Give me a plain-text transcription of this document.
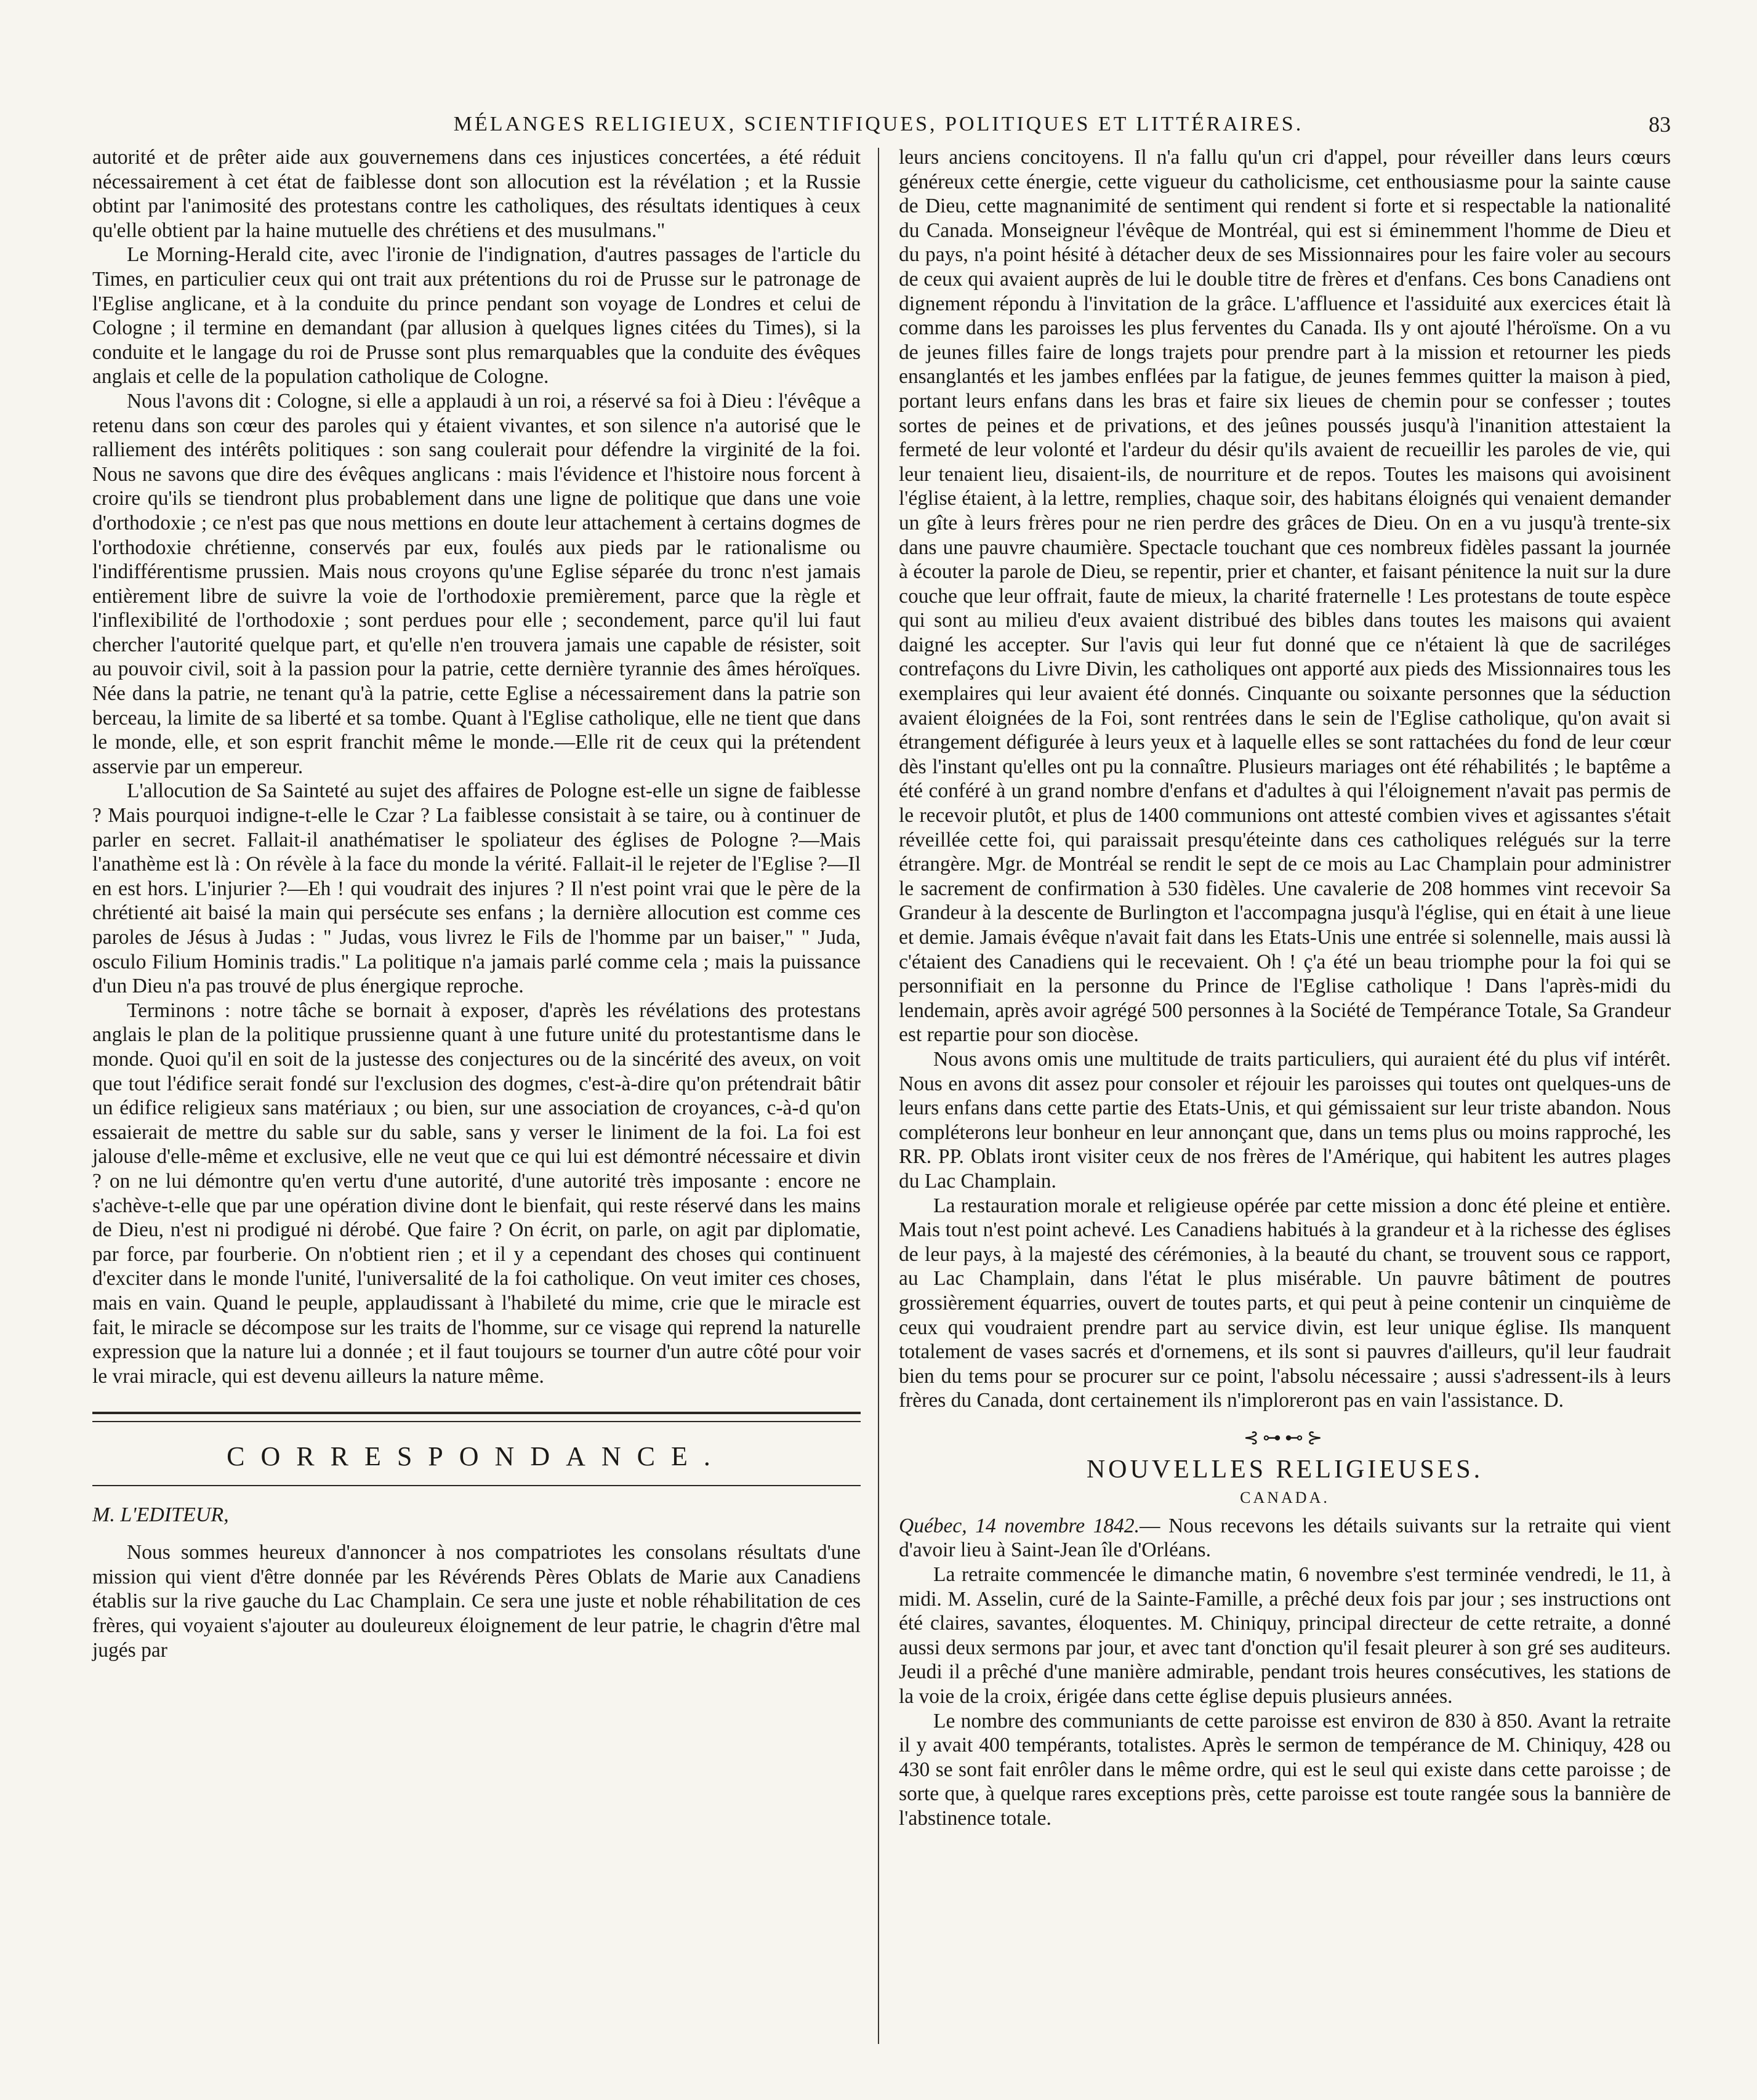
MÉLANGES RELIGIEUX, SCIENTIFIQUES, POLITIQUES ET LITTÉRAIRES.	83

autorité et de prêter aide aux gouvernemens dans ces injustices concertées, a été réduit nécessairement à cet état de faiblesse dont son allocution est la révélation ; et la Russie obtint par l'animosité des protestans contre les catholiques, des résultats identiques à ceux qu'elle obtient par la haine mutuelle des chrétiens et des musulmans."

Le Morning-Herald cite, avec l'ironie de l'indignation, d'autres passages de l'article du Times, en particulier ceux qui ont trait aux prétentions du roi de Prusse sur le patronage de l'Eglise anglicane, et à la conduite du prince pendant son voyage de Londres et celui de Cologne ; il termine en demandant (par allusion à quelques lignes citées du Times), si la conduite et le langage du roi de Prusse sont plus remarquables que la conduite des évêques anglais et celle de la population catholique de Cologne.

Nous l'avons dit : Cologne, si elle a applaudi à un roi, a réservé sa foi à Dieu : l'évêque a retenu dans son cœur des paroles qui y étaient vivantes, et son silence n'a autorisé que le ralliement des intérêts politiques : son sang coulerait pour défendre la virginité de la foi. Nous ne savons que dire des évêques anglicans : mais l'évidence et l'histoire nous forcent à croire qu'ils se tiendront plus probablement dans une ligne de politique que dans une voie d'orthodoxie ; ce n'est pas que nous mettions en doute leur attachement à certains dogmes de l'orthodoxie chrétienne, conservés par eux, foulés aux pieds par le rationalisme ou l'indifférentisme prussien. Mais nous croyons qu'une Eglise séparée du tronc n'est jamais entièrement libre de suivre la voie de l'orthodoxie premièrement, parce que la règle et l'inflexibilité de l'orthodoxie ; sont perdues pour elle ; secondement, parce qu'il lui faut chercher l'autorité quelque part, et qu'elle n'en trouvera jamais une capable de résister, soit au pouvoir civil, soit à la passion pour la patrie, cette dernière tyrannie des âmes héroïques. Née dans la patrie, ne tenant qu'à la patrie, cette Eglise a nécessairement dans la patrie son berceau, la limite de sa liberté et sa tombe. Quant à l'Eglise catholique, elle ne tient que dans le monde, elle, et son esprit franchit même le monde.—Elle rit de ceux qui la prétendent asservie par un empereur.

L'allocution de Sa Sainteté au sujet des affaires de Pologne est-elle un signe de faiblesse ? Mais pourquoi indigne-t-elle le Czar ? La faiblesse consistait à se taire, ou à continuer de parler en secret. Fallait-il anathématiser le spoliateur des églises de Pologne ?—Mais l'anathème est là : On révèle à la face du monde la vérité. Fallait-il le rejeter de l'Eglise ?—Il en est hors. L'injurier ?—Eh ! qui voudrait des injures ? Il n'est point vrai que le père de la chrétienté ait baisé la main qui persécute ses enfans ; la dernière allocution est comme ces paroles de Jésus à Judas : " Judas, vous livrez le Fils de l'homme par un baiser," " Juda, osculo Filium Hominis tradis." La politique n'a jamais parlé comme cela ; mais la puissance d'un Dieu n'a pas trouvé de plus énergique reproche.

Terminons : notre tâche se bornait à exposer, d'après les révélations des protestans anglais le plan de la politique prussienne quant à une future unité du protestantisme dans le monde. Quoi qu'il en soit de la justesse des conjectures ou de la sincérité des aveux, on voit que tout l'édifice serait fondé sur l'exclusion des dogmes, c'est-à-dire qu'on prétendrait bâtir un édifice religieux sans matériaux ; ou bien, sur une association de croyances, c-à-d qu'on essaierait de mettre du sable sur du sable, sans y verser le liniment de la foi. La foi est jalouse d'elle-même et exclusive, elle ne veut que ce qui lui est démontré nécessaire et divin ? on ne lui démontre qu'en vertu d'une autorité, d'une autorité très imposante : encore ne s'achève-t-elle que par une opération divine dont le bienfait, qui reste réservé dans les mains de Dieu, n'est ni prodigué ni dérobé. Que faire ? On écrit, on parle, on agit par diplomatie, par force, par fourberie. On n'obtient rien ; et il y a cependant des choses qui continuent d'exciter dans le monde l'unité, l'universalité de la foi catholique. On veut imiter ces choses, mais en vain. Quand le peuple, applaudissant à l'habileté du mime, crie que le miracle est fait, le miracle se décompose sur les traits de l'homme, sur ce visage qui reprend la naturelle expression que la nature lui a donnée ; et il faut toujours se tourner d'un autre côté pour voir le vrai miracle, qui est devenu ailleurs la nature même.

CORRESPONDANCE.
M. L'EDITEUR,

Nous sommes heureux d'annoncer à nos compatriotes les consolans résultats d'une mission qui vient d'être donnée par les Révérends Pères Oblats de Marie aux Canadiens établis sur la rive gauche du Lac Champlain. Ce sera une juste et noble réhabilitation de ces frères, qui voyaient s'ajouter au douleureux éloignement de leur patrie, le chagrin d'être mal jugés par

leurs anciens concitoyens. Il n'a fallu qu'un cri d'appel, pour réveiller dans leurs cœurs généreux cette énergie, cette vigueur du catholicisme, cet enthousiasme pour la sainte cause de Dieu, cette magnanimité de sentiment qui rendent si forte et si respectable la nationalité du Canada. Monseigneur l'évêque de Montréal, qui est si éminemment l'homme de Dieu et du pays, n'a point hésité à détacher deux de ses Missionnaires pour les faire voler au secours de ceux qui avaient auprès de lui le double titre de frères et d'enfans. Ces bons Canadiens ont dignement répondu à l'invitation de la grâce. L'affluence et l'assiduité aux exercices était là comme dans les paroisses les plus ferventes du Canada. Ils y ont ajouté l'héroïsme. On a vu de jeunes filles faire de longs trajets pour prendre part à la mission et retourner les pieds ensanglantés et les jambes enflées par la fatigue, de jeunes femmes quitter la maison à pied, portant leurs enfans dans les bras et faire six lieues de chemin pour se confesser ; toutes sortes de peines et de privations, et des jeûnes poussés jusqu'à l'inanition attestaient la fermeté de leur volonté et l'ardeur du désir qu'ils avaient de recueillir les paroles de vie, qui leur tenaient lieu, disaient-ils, de nourriture et de repos. Toutes les maisons qui avoisinent l'église étaient, à la lettre, remplies, chaque soir, des habitans éloignés qui venaient demander un gîte à leurs frères pour ne rien perdre des grâces de Dieu. On en a vu jusqu'à trente-six dans une pauvre chaumière. Spectacle touchant que ces nombreux fidèles passant la journée à écouter la parole de Dieu, se repentir, prier et chanter, et faisant pénitence la nuit sur la dure couche que leur offrait, faute de mieux, la charité fraternelle ! Les protestans de toute espèce qui sont au milieu d'eux avaient distribué des bibles dans toutes les maisons qui avaient daigné les accepter. Sur l'avis qui leur fut donné que ce n'étaient là que de sacriléges contrefaçons du Livre Divin, les catholiques ont apporté aux pieds des Missionnaires tous les exemplaires qui leur avaient été donnés. Cinquante ou soixante personnes que la séduction avaient éloignées de la Foi, sont rentrées dans le sein de l'Eglise catholique, qu'on avait si étrangement défigurée à leurs yeux et à laquelle elles se sont rattachées du fond de leur cœur dès l'instant qu'elles ont pu la connaître. Plusieurs mariages ont été réhabilités ; le baptême a été conféré à un grand nombre d'enfans et d'adultes à qui l'éloignement n'avait pas permis de le recevoir plutôt, et plus de 1400 communions ont attesté combien vives et agissantes s'était réveillée cette foi, qui paraissait presqu'éteinte dans ces catholiques relégués sur la terre étrangère. Mgr. de Montréal se rendit le sept de ce mois au Lac Champlain pour administrer le sacrement de confirmation à 530 fidèles. Une cavalerie de 208 hommes vint recevoir Sa Grandeur à la descente de Burlington et l'accompagna jusqu'à l'église, qui en était à une lieue et demie. Jamais évêque n'avait fait dans les Etats-Unis une entrée si solennelle, mais aussi là c'étaient des Canadiens qui le recevaient. Oh ! ç'a été un beau triomphe pour la foi qui se personnifiait en la personne du Prince de l'Eglise catholique ! Dans l'après-midi du lendemain, après avoir agrégé 500 personnes à la Société de Tempérance Totale, Sa Grandeur est repartie pour son diocèse.

Nous avons omis une multitude de traits particuliers, qui auraient été du plus vif intérêt. Nous en avons dit assez pour consoler et réjouir les paroisses qui toutes ont quelques-uns de leurs enfans dans cette partie des Etats-Unis, et qui gémissaient sur leur triste abandon. Nous compléterons leur bonheur en leur annonçant que, dans un tems plus ou moins rapproché, les RR. PP. Oblats iront visiter ceux de nos frères de l'Amérique, qui habitent les autres plages du Lac Champlain.

La restauration morale et religieuse opérée par cette mission a donc été pleine et entière. Mais tout n'est point achevé. Les Canadiens habitués à la grandeur et à la richesse des églises de leur pays, à la majesté des cérémonies, à la beauté du chant, se trouvent sous ce rapport, au Lac Champlain, dans l'état le plus misérable. Un pauvre bâtiment de poutres grossièrement équarries, ouvert de toutes parts, et qui peut à peine contenir un cinquième de ceux qui voudraient prendre part au service divin, est leur unique église. Ils manquent totalement de vases sacrés et d'ornemens, et ils sont si pauvres d'ailleurs, qu'il leur faudrait bien du tems pour se procurer sur ce point, l'absolu nécessaire ; aussi s'adressent-ils à leurs frères du Canada, dont certainement ils n'imploreront pas en vain l'assistance. D.

⊰⊶⊷⊱
NOUVELLES RELIGIEUSES.
CANADA.

Québec, 14 novembre 1842.— Nous recevons les détails suivants sur la retraite qui vient d'avoir lieu à Saint-Jean île d'Orléans.

La retraite commencée le dimanche matin, 6 novembre s'est terminée vendredi, le 11, à midi. M. Asselin, curé de la Sainte-Famille, a prêché deux fois par jour ; ses instructions ont été claires, savantes, éloquentes. M. Chiniquy, principal directeur de cette retraite, a donné aussi deux sermons par jour, et avec tant d'onction qu'il fesait pleurer à son gré ses auditeurs. Jeudi il a prêché d'une manière admirable, pendant trois heures consécutives, les stations de la voie de la croix, érigée dans cette église depuis plusieurs années.

Le nombre des communiants de cette paroisse est environ de 830 à 850. Avant la retraite il y avait 400 tempérants, totalistes. Après le sermon de tempérance de M. Chiniquy, 428 ou 430 se sont fait enrôler dans le même ordre, qui est le seul qui existe dans cette paroisse ; de sorte que, à quelque rares exceptions près, cette paroisse est toute rangée sous la bannière de l'abstinence totale.
